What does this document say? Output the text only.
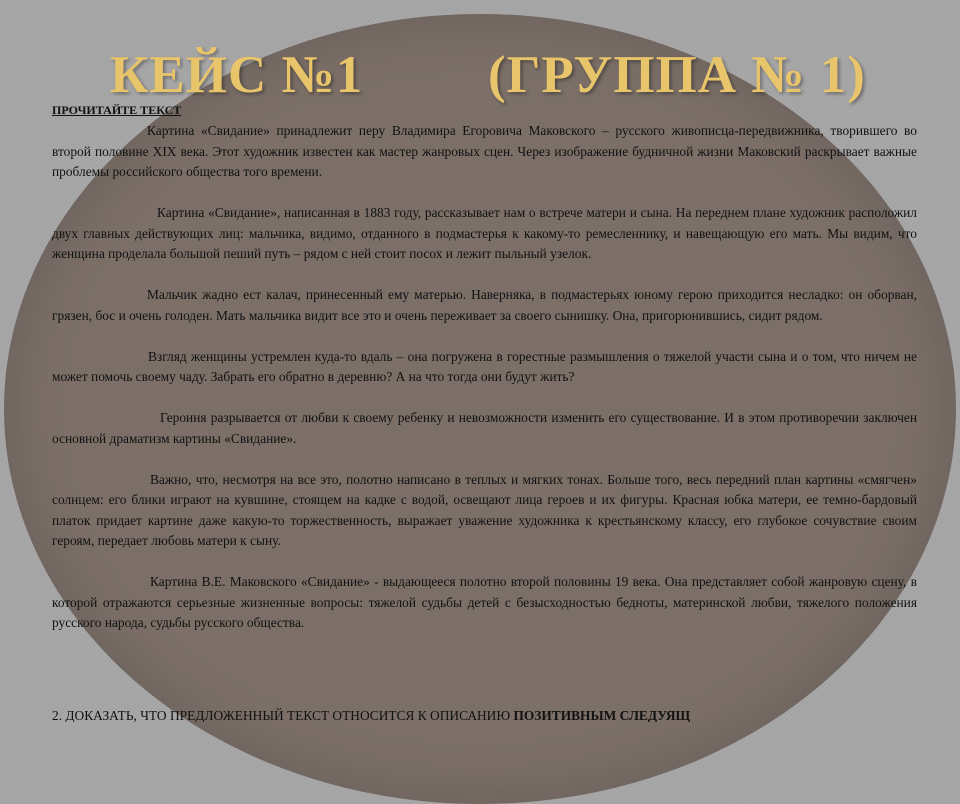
КЕЙС №1 (ГРУППА № 1)

ПРОЧИТАЙТЕ ТЕКСТ

Картина «Свидание» принадлежит перу Владимира Егоровича Маковского – русского живописца-передвижника, творившего во второй половине XIX века. Этот художник известен как мастер жанровых сцен. Через изображение будничной жизни Маковский раскрывает важные проблемы российского общества того времени.

Картина «Свидание», написанная в 1883 году, рассказывает нам о встрече матери и сына. На переднем плане художник расположил двух главных действующих лиц: мальчика, видимо, отданного в подмастерья к какому-то ремесленнику, и навещающую его мать. Мы видим, что женщина проделала большой пеший путь – рядом с ней стоит посох и лежит пыльный узелок.

Мальчик жадно ест калач, принесенный ему матерью. Наверняка, в подмастерьях юному герою приходится несладко: он оборван, грязен, бос и очень голоден. Мать мальчика видит все это и очень переживает за своего сынишку. Она, пригорюнившись, сидит рядом.

Взгляд женщины устремлен куда-то вдаль – она погружена в горестные размышления о тяжелой участи сына и о том, что ничем не может помочь своему чаду. Забрать его обратно в деревню? А на что тогда они будут жить?

Героиня разрывается от любви к своему ребенку и невозможности изменить его существование. И в этом противоречии заключен основной драматизм картины «Свидание».

Важно, что, несмотря на все это, полотно написано в теплых и мягких тонах. Больше того, весь передний план картины «смягчен» солнцем: его блики играют на кувшине, стоящем на кадке с водой, освещают лица героев и их фигуры. Красная юбка матери, ее темно-бардовый платок придает картине даже какую-то торжественность, выражает уважение художника к крестьянскому классу, его глубокое сочувствие своим героям, передает любовь матери к сыну.

Картина В.Е. Маковского «Свидание» - выдающееся полотно второй половины 19 века. Она представляет собой жанровую сцену, в которой отражаются серьезные жизненные вопросы: тяжелой судьбы детей с безысходностью бедноты, материнской любви, тяжелого положения русского народа, судьбы русского общества.

2. ДОКАЗАТЬ, ЧТО ПРЕДЛОЖЕННЫЙ ТЕКСТ ОТНОСИТСЯ К ОПИСАНИЮ ПОЗИТИВНЫМ СЛЕДУЯЩ
